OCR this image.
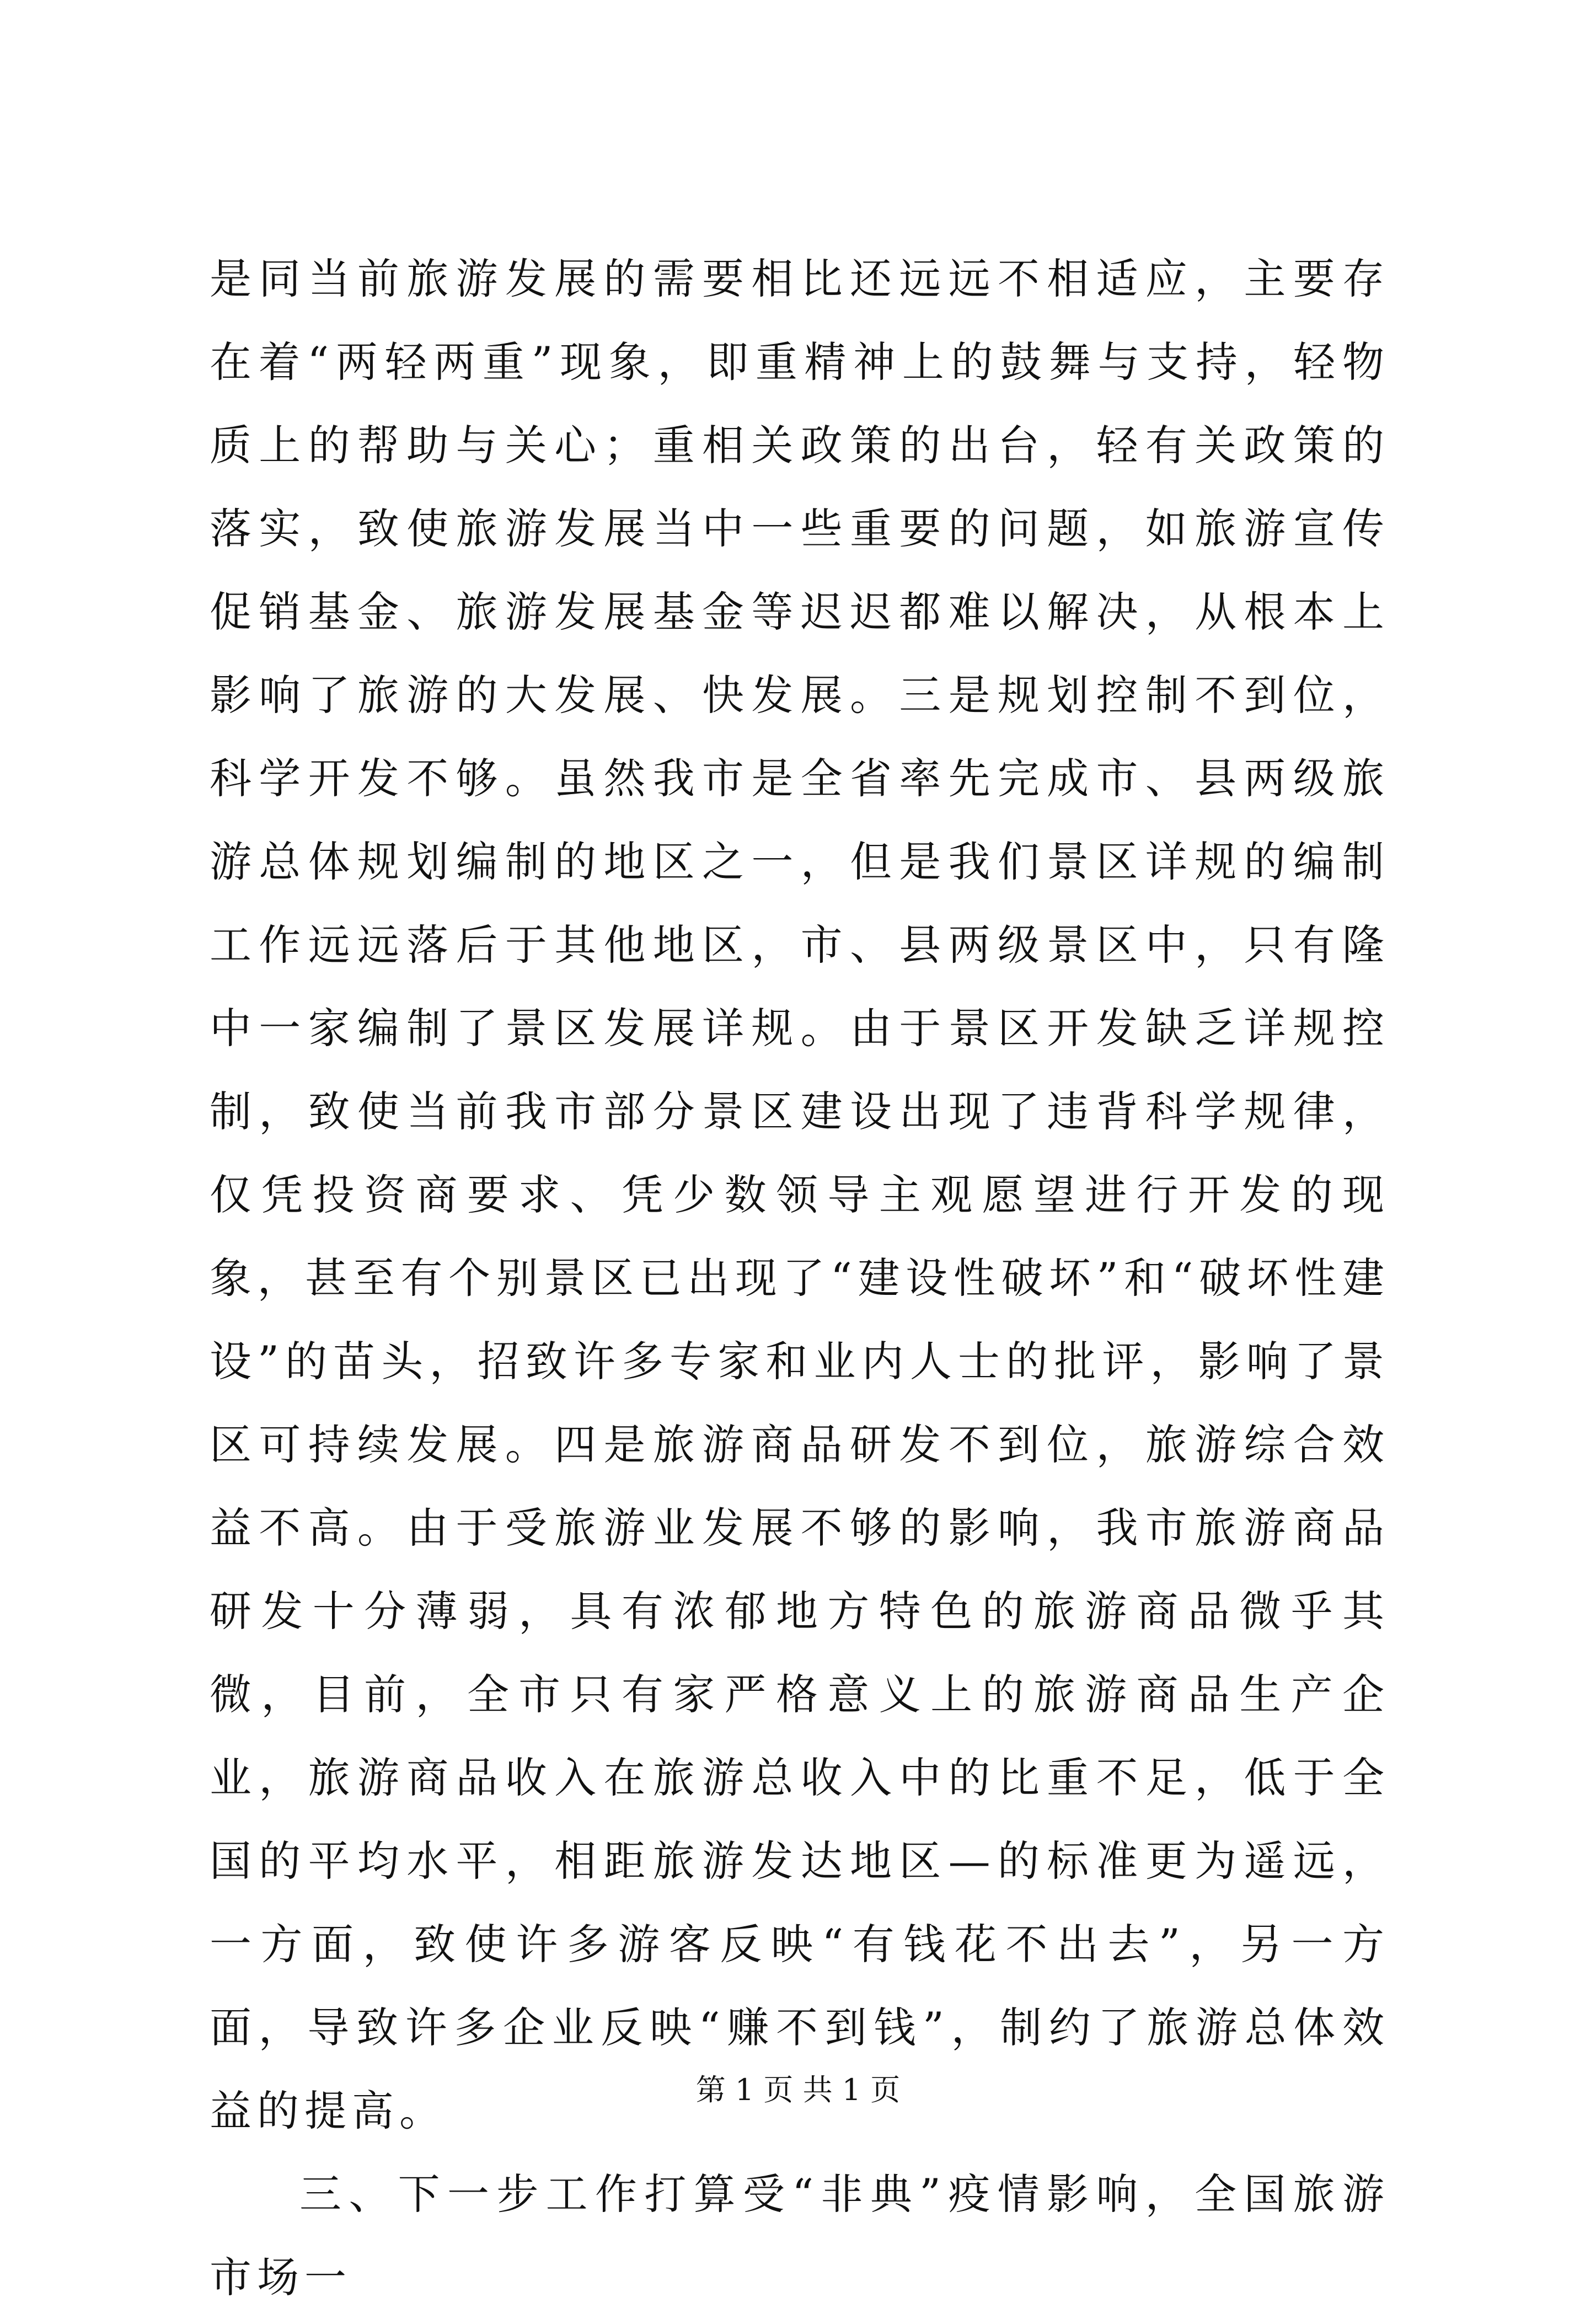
是同当前旅游发展的需要相比还远远不相适应，主要存在着“两轻两重”现象，即重精神上的鼓舞与支持，轻物质上的帮助与关心；重相关政策的出台，轻有关政策的落实，致使旅游发展当中一些重要的问题，如旅游宣传促销基金、旅游发展基金等迟迟都难以解决，从根本上影响了旅游的大发展、快发展。三是规划控制不到位，科学开发不够。虽然我市是全省率先完成市、县两级旅游总体规划编制的地区之一，但是我们景区详规的编制工作远远落后于其他地区，市、县两级景区中，只有隆中一家编制了景区发展详规。由于景区开发缺乏详规控制，致使当前我市部分景区建设出现了违背科学规律，仅凭投资商要求、凭少数领导主观愿望进行开发的现象，甚至有个别景区已出现了“建设性破坏”和“破坏性建设”的苗头，招致许多专家和业内人士的批评，影响了景区可持续发展。四是旅游商品研发不到位，旅游综合效益不高。由于受旅游业发展不够的影响，我市旅游商品研发十分薄弱，具有浓郁地方特色的旅游商品微乎其微，目前，全市只有家严格意义上的旅游商品生产企业，旅游商品收入在旅游总收入中的比重不足，低于全国的平均水平，相距旅游发达地区—的标准更为遥远，一方面，致使许多游客反映“有钱花不出去”，另一方面，导致许多企业反映“赚不到钱”，制约了旅游总体效益的提高。

三、下一步工作打算受“非典”疫情影响，全国旅游市场一

第 1 页 共 1 页
